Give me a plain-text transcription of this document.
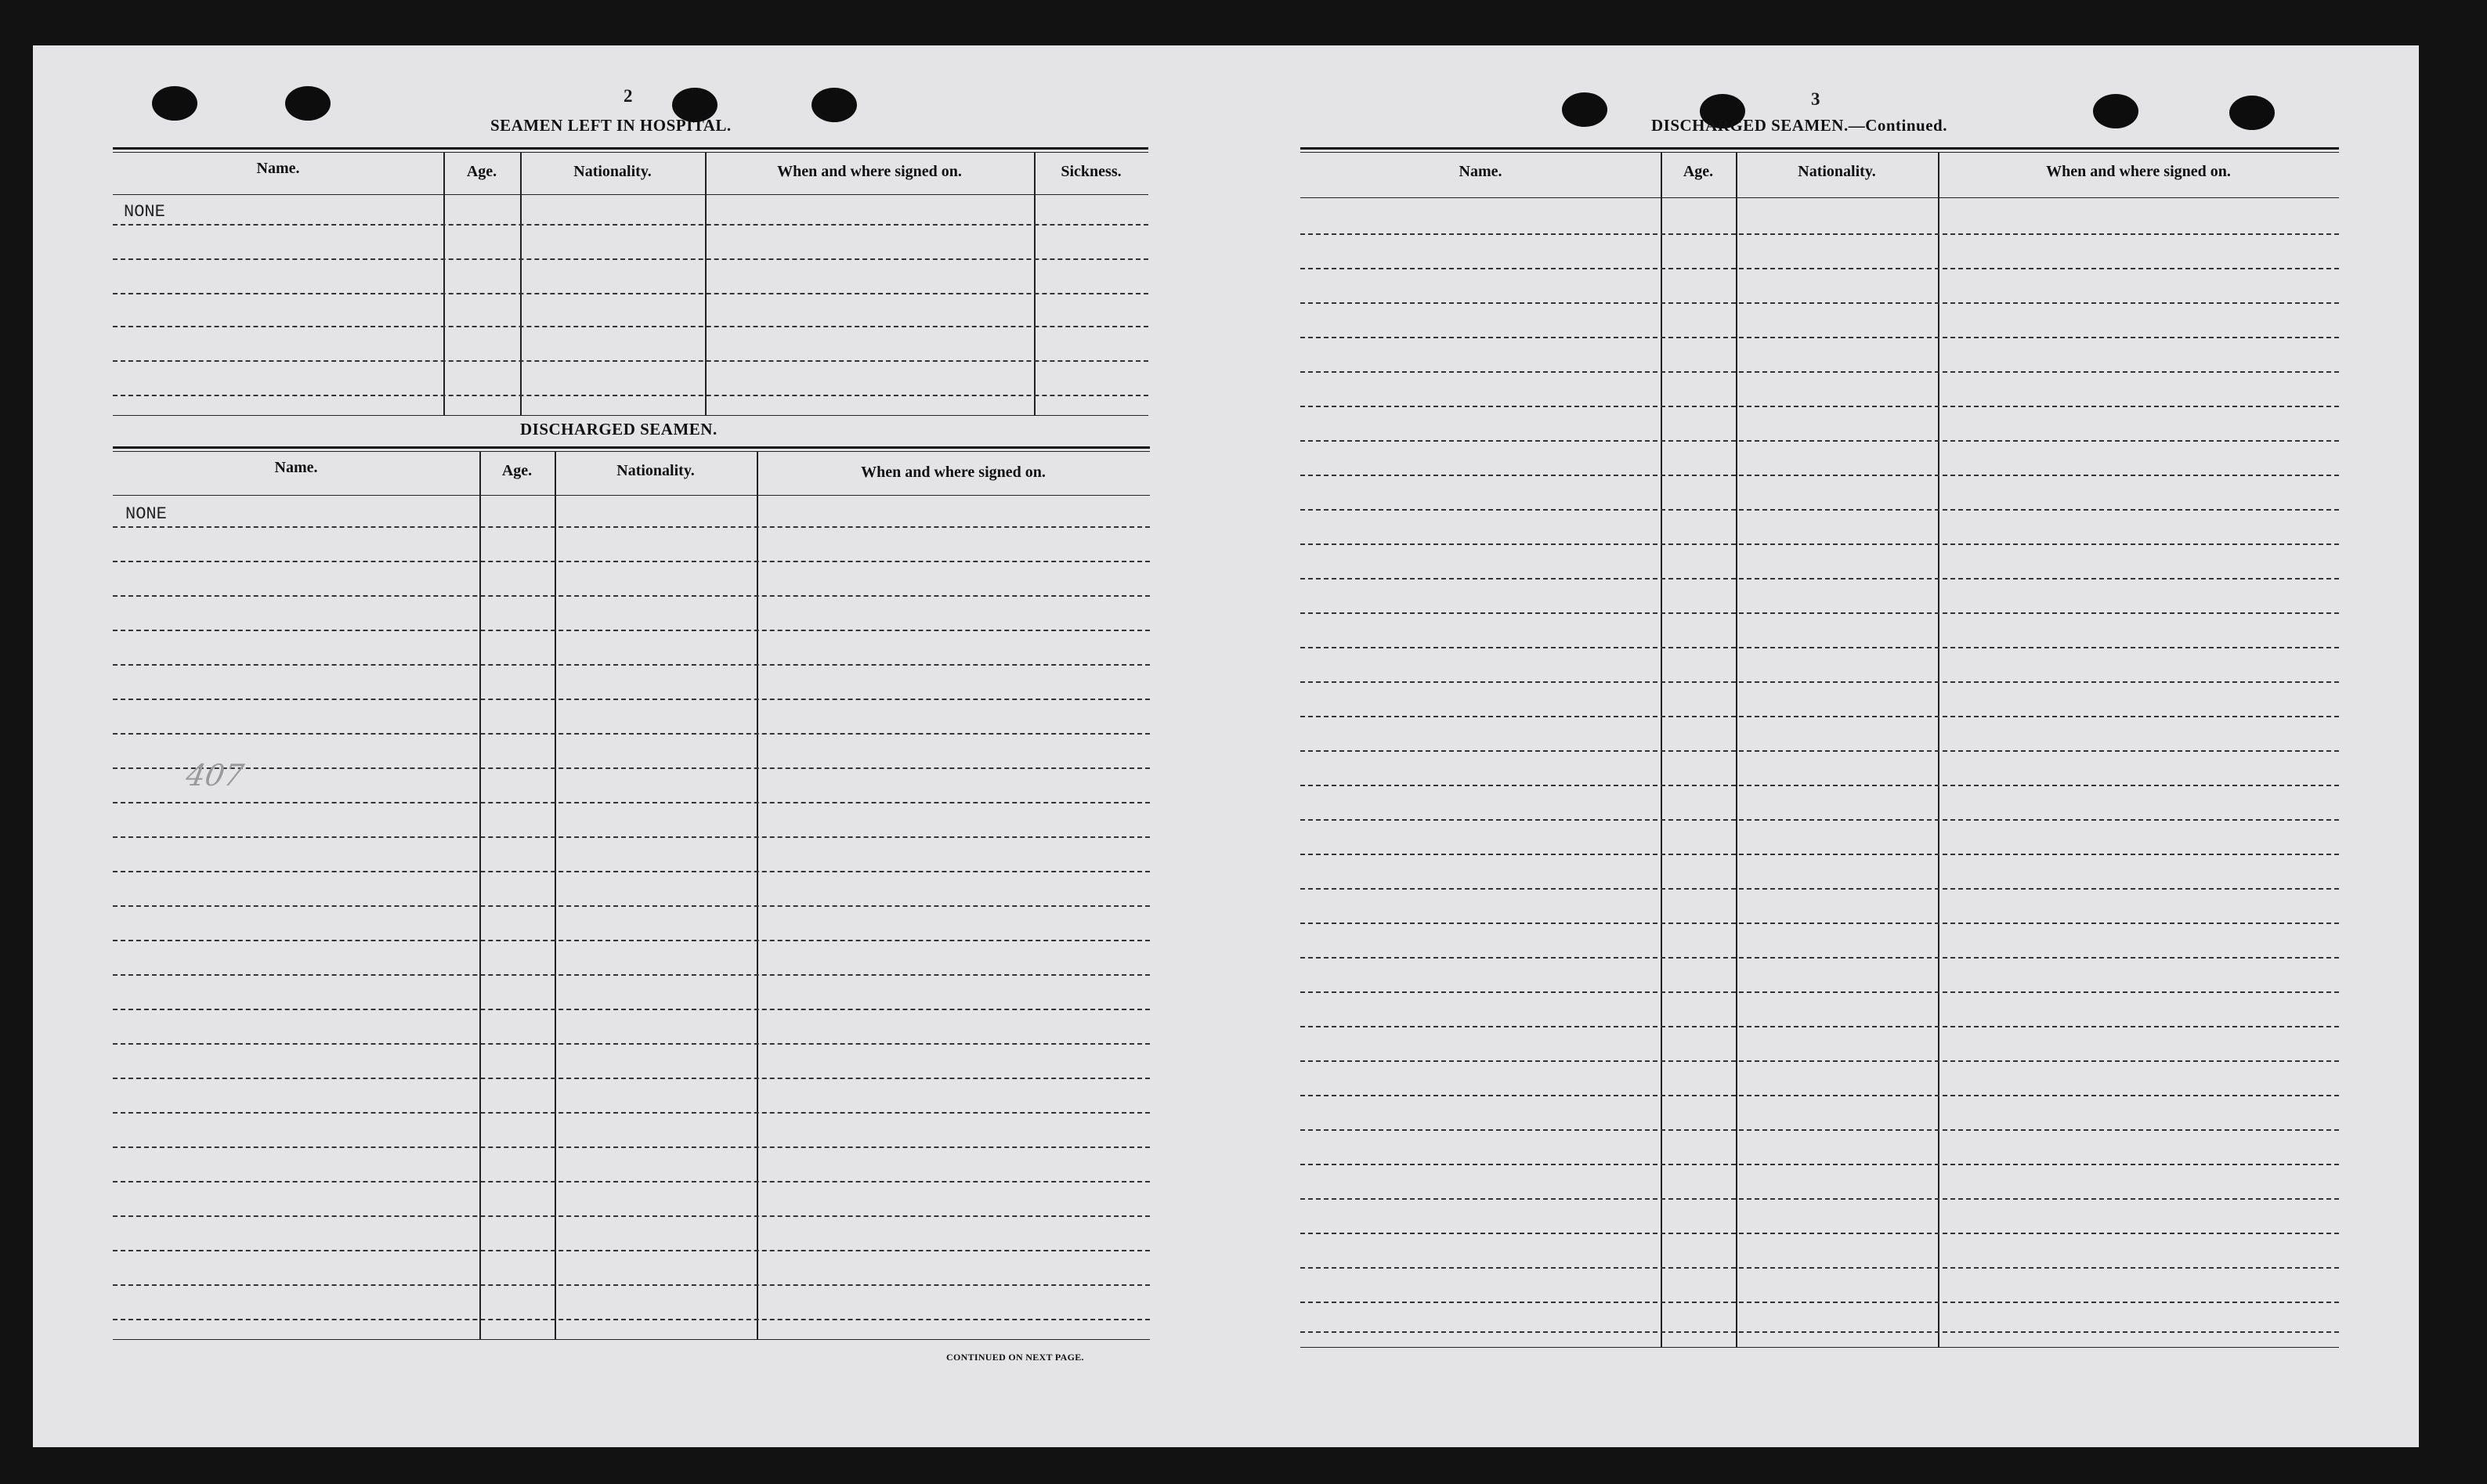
2
SEAMEN LEFT IN HOSPITAL.
Name.	Age.	Nationality.	When and where signed on.	Sickness.
NONE
DISCHARGED SEAMEN.
Name.	Age.	Nationality.	When and where signed on.
NONE
407
CONTINUED ON NEXT PAGE.
3
DISCHARGED SEAMEN.—Continued.
Name.	Age.	Nationality.	When and where signed on.
